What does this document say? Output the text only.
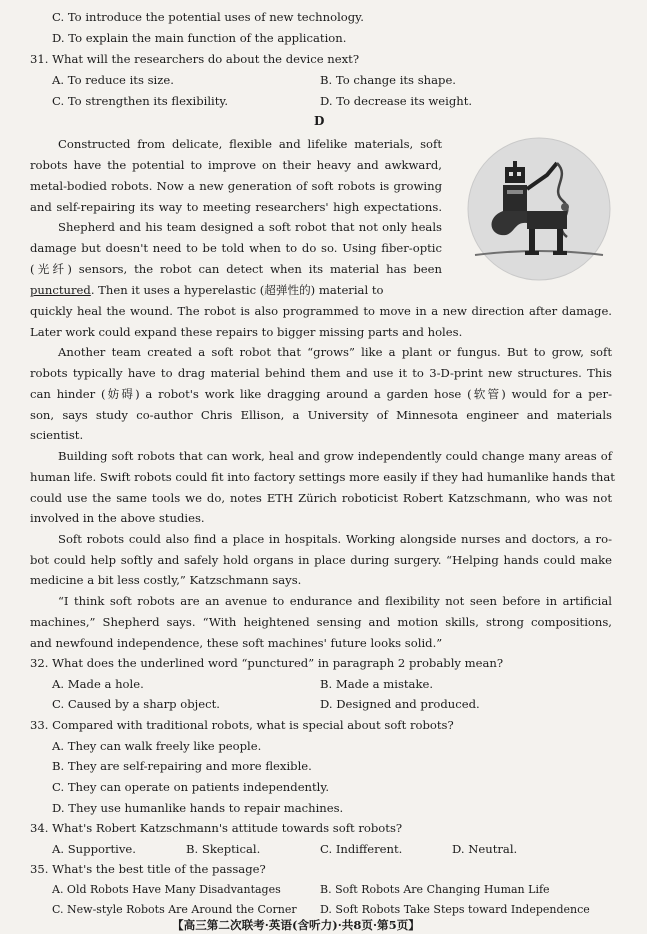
C. To introduce the potential uses of new technology.
D. To explain the main function of the application.
31. What will the researchers do about the device next?
A. To reduce its size.	B. To change its shape.
C. To strengthen its flexibility.	D. To decrease its weight.
D
Constructed from delicate, flexible and lifelike materials, soft
robots have the potential to improve on their heavy and awkward,
metal-bodied robots. Now a new generation of soft robots is growing
and self-repairing its way to meeting researchers' high expectations.
Shepherd and his team designed a soft robot that not only heals
damage but doesn't need to be told when to do so. Using fiber-optic
(光纤) sensors, the robot can detect when its material has been
punctured. Then it uses a hyperelastic (超弹性的) material to
quickly heal the wound. The robot is also programmed to move in a new direction after damage.
Later work could expand these repairs to bigger missing parts and holes.
Another team created a soft robot that “grows” like a plant or fungus. But to grow, soft
robots typically have to drag material behind them and use it to 3-D-print new structures. This
can hinder (妨碍) a robot's work like dragging around a garden hose (软管) would for a per-
son, says study co-author Chris Ellison, a University of Minnesota engineer and materials
scientist.
Building soft robots that can work, heal and grow independently could change many areas of
human life. Swift robots could fit into factory settings more easily if they had humanlike hands that
could use the same tools we do, notes ETH Zürich roboticist Robert Katzschmann, who was not
involved in the above studies.
Soft robots could also find a place in hospitals. Working alongside nurses and doctors, a ro-
bot could help softly and safely hold organs in place during surgery. “Helping hands could make
medicine a bit less costly,” Katzschmann says.
“I think soft robots are an avenue to endurance and flexibility not seen before in artificial
machines,” Shepherd says. “With heightened sensing and motion skills, strong compositions,
and newfound independence, these soft machines' future looks solid.”
32. What does the underlined word “punctured” in paragraph 2 probably mean?
A. Made a hole.	B. Made a mistake.
C. Caused by a sharp object.	D. Designed and produced.
33. Compared with traditional robots, what is special about soft robots?
A. They can walk freely like people.
B. They are self-repairing and more flexible.
C. They can operate on patients independently.
D. They use humanlike hands to repair machines.
34. What's Robert Katzschmann's attitude towards soft robots?
A. Supportive.	B. Skeptical.	C. Indifferent.	D. Neutral.
35. What's the best title of the passage?
A. Old Robots Have Many Disadvantages	B. Soft Robots Are Changing Human Life
C. New-style Robots Are Around the Corner D. Soft Robots Take Steps toward Independence
【高三第二次联考·英语(含听力)·共8页·第5页】
